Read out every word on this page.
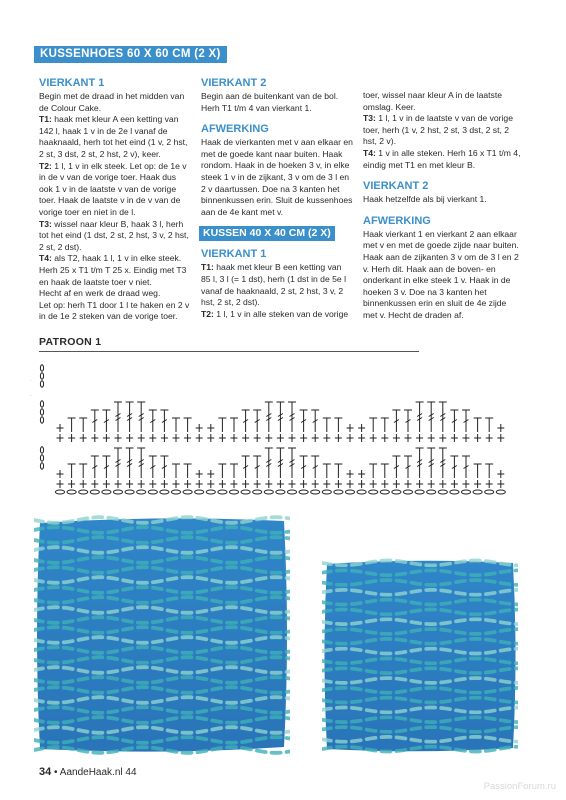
KUSSENHOES 60 X 60 CM (2 X)
VIERKANT 1

Begin met de draad in het midden van de Colour Cake.

T1: haak met kleur A een ketting van 142 l, haak 1 v in de 2e l vanaf de haaknaald, herh tot het eind (1 v, 2 hst, 2 st, 3 dst, 2 st, 2 hst, 2 v), keer.

T2: 1 l, 1 v in elk steek. Let op: de 1e v in de v van de vorige toer. Haak dus ook 1 v in de laatste v van de vorige toer. Haak de laatste v in de v van de vorige toer en niet in de l.

T3: wissel naar kleur B, haak 3 l, herh tot het eind (1 dst, 2 st, 2 hst, 3 v, 2 hst, 2 st, 2 dst).

T4: als T2, haak 1 l, 1 v in elke steek. Herh 25 x T1 t/m T 25 x. Eindig met T3 en haak de laatste toer v niet.

Hecht af en werk de draad weg.

Let op: herh T1 door 1 l te haken en 2 v in de 1e 2 steken van de vorige toer.

VIERKANT 2

Begin aan de buitenkant van de bol. Herh T1 t/m 4 van vierkant 1.

AFWERKING

Haak de vierkanten met v aan elkaar en met de goede kant naar buiten. Haak rondom. Haak in de hoeken 3 v, in elke steek 1 v in de zijkant, 3 v om de 3 l en 2 v daartussen. Doe na 3 kanten het binnenkussen erin. Sluit de kussenhoes aan de 4e kant met v.

KUSSEN 40 X 40 CM (2 X)
VIERKANT 1

T1: haak met kleur B een ketting van 85 l, 3 l (= 1 dst), herh (1 dst in de 5e l vanaf de haaknaald, 2 st, 2 hst, 3 v, 2 hst, 2 st, 2 dst).

T2: 1 l, 1 v in alle steken van de vorige

toer, wissel naar kleur A in de laatste omslag. Keer.

T3: 1 l, 1 v in de laatste v van de vorige toer, herh (1 v, 2 hst, 2 st, 3 dst, 2 st, 2 hst, 2 v).

T4: 1 v in alle steken. Herh 16 x T1 t/m 4, eindig met T1 en met kleur B.

VIERKANT 2

Haak hetzelfde als bij vierkant 1.

AFWERKING

Haak vierkant 1 en vierkant 2 aan elkaar met v en met de goede zijde naar buiten. Haak aan de zijkanten 3 v om de 3 l en 2 v. Herh dit. Haak aan de boven- en onderkant in elke steek 1 v. Haak in de hoeken 3 v. Doe na 3 kanten het binnenkussen erin en sluit de 4e zijde met v. Hecht de draden af.

PATROON 1
34 • AandeHaak.nl 44
PassionForum.ru
